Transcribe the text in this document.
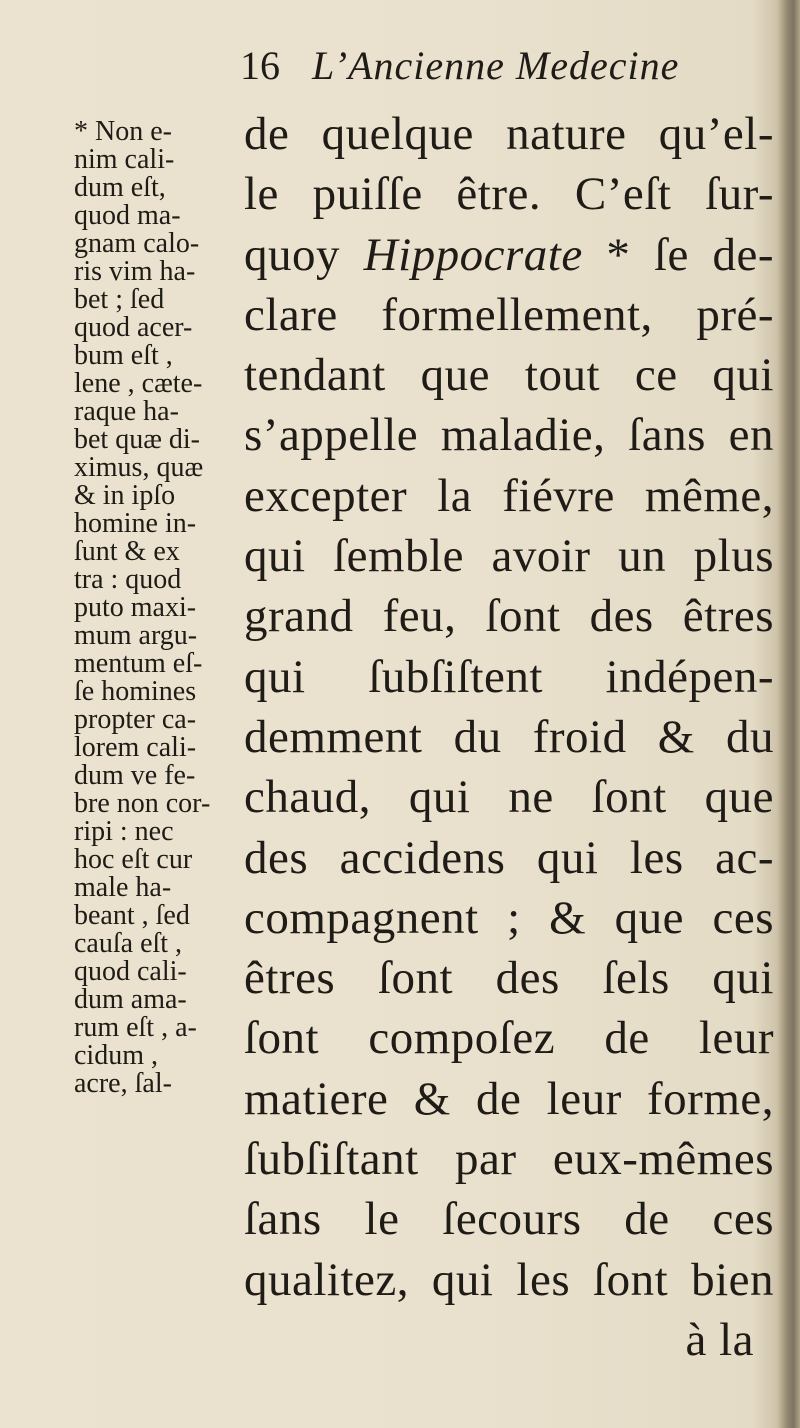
16 L’Ancienne Medecine
* Non e-
nim cali-
dum eſt,
quod ma-
gnam calo-
ris vim ha-
bet ; ſed
quod acer-
bum eſt ,
lene , cæte-
raque ha-
bet quæ di-
ximus, quæ
& in ipſo
homine in-
ſunt & ex
tra : quod
puto maxi-
mum argu-
mentum eſ-
ſe homines
propter ca-
lorem cali-
dum ve fe-
bre non cor-
ripi : nec
hoc eſt cur
male ha-
beant , ſed
cauſa eſt ,
quod cali-
dum ama-
rum eſt , a-
cidum ,
acre, ſal-
de quelque nature qu’el-
le puiſſe être. C’eſt ſur-
quoy Hippocrate * ſe de-
clare formellement, pré-
tendant que tout ce qui
s’appelle maladie, ſans en
excepter la fiévre même,
qui ſemble avoir un plus
grand feu, ſont des êtres
qui ſubſiſtent indépen-
demment du froid & du
chaud, qui ne ſont que
des accidens qui les ac-
compagnent ; & que ces
êtres ſont des ſels qui
ſont compoſez de leur
matiere & de leur forme,
ſubſiſtant par eux-mêmes
ſans le ſecours de ces
qualitez, qui les ſont bien
à la
